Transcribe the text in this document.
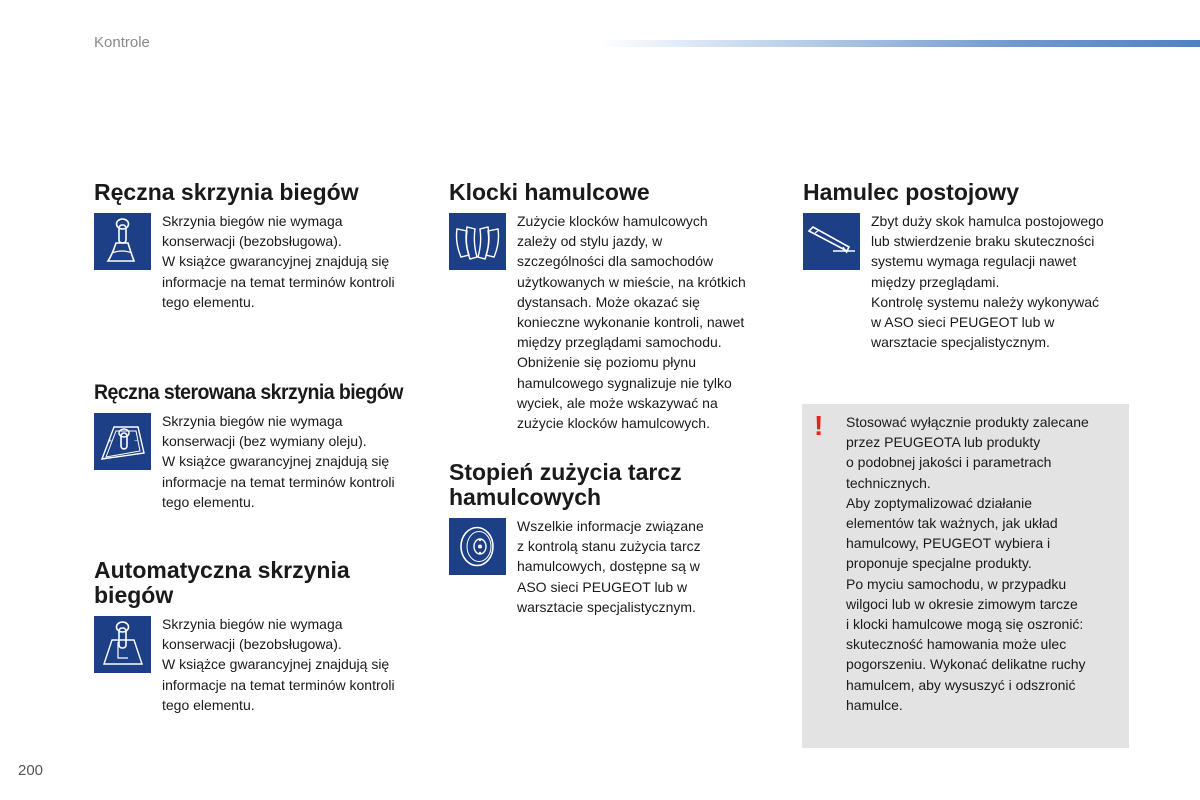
Kontrole
Ręczna skrzynia biegów

Skrzynia biegów nie wymaga

konserwacji (bezobsługowa).

W książce gwarancyjnej znajdują się

informacje na temat terminów kontroli

tego elementu.

Ręczna sterowana skrzynia biegów
+	−

Skrzynia biegów nie wymaga

konserwacji (bez wymiany oleju).

W książce gwarancyjnej znajdują się

informacje na temat terminów kontroli

tego elementu.

Automatyczna skrzynia
biegów

Skrzynia biegów nie wymaga

konserwacji (bezobsługowa).

W książce gwarancyjnej znajdują się

informacje na temat terminów kontroli

tego elementu.

Klocki hamulcowe

Zużycie klocków hamulcowych

zależy od stylu jazdy, w

szczególności dla samochodów

użytkowanych w mieście, na krótkich

dystansach. Może okazać się

konieczne wykonanie kontroli, nawet

między przeglądami samochodu.

Obniżenie się poziomu płynu

hamulcowego sygnalizuje nie tylko

wyciek, ale może wskazywać na

zużycie klocków hamulcowych.

Stopień zużycia tarcz
hamulcowych

Wszelkie informacje związane

z kontrolą stanu zużycia tarcz

hamulcowych, dostępne są w

ASO sieci PEUGEOT lub w

warsztacie specjalistycznym.

Hamulec postojowy

Zbyt duży skok hamulca postojowego

lub stwierdzenie braku skuteczności

systemu wymaga regulacji nawet

między przeglądami.

Kontrolę systemu należy wykonywać

w ASO sieci PEUGEOT lub w

warsztacie specjalistycznym.

! Stosować wyłącznie produkty zalecane

przez PEUGEOTA lub produkty

o podobnej jakości i parametrach

technicznych.

Aby zoptymalizować działanie

elementów tak ważnych, jak układ

hamulcowy, PEUGEOT wybiera i

proponuje specjalne produkty.

Po myciu samochodu, w przypadku

wilgoci lub w okresie zimowym tarcze

i klocki hamulcowe mogą się oszronić:

skuteczność hamowania może ulec

pogorszeniu. Wykonać delikatne ruchy

hamulcem, aby wysuszyć i odszronić

hamulce.

200
